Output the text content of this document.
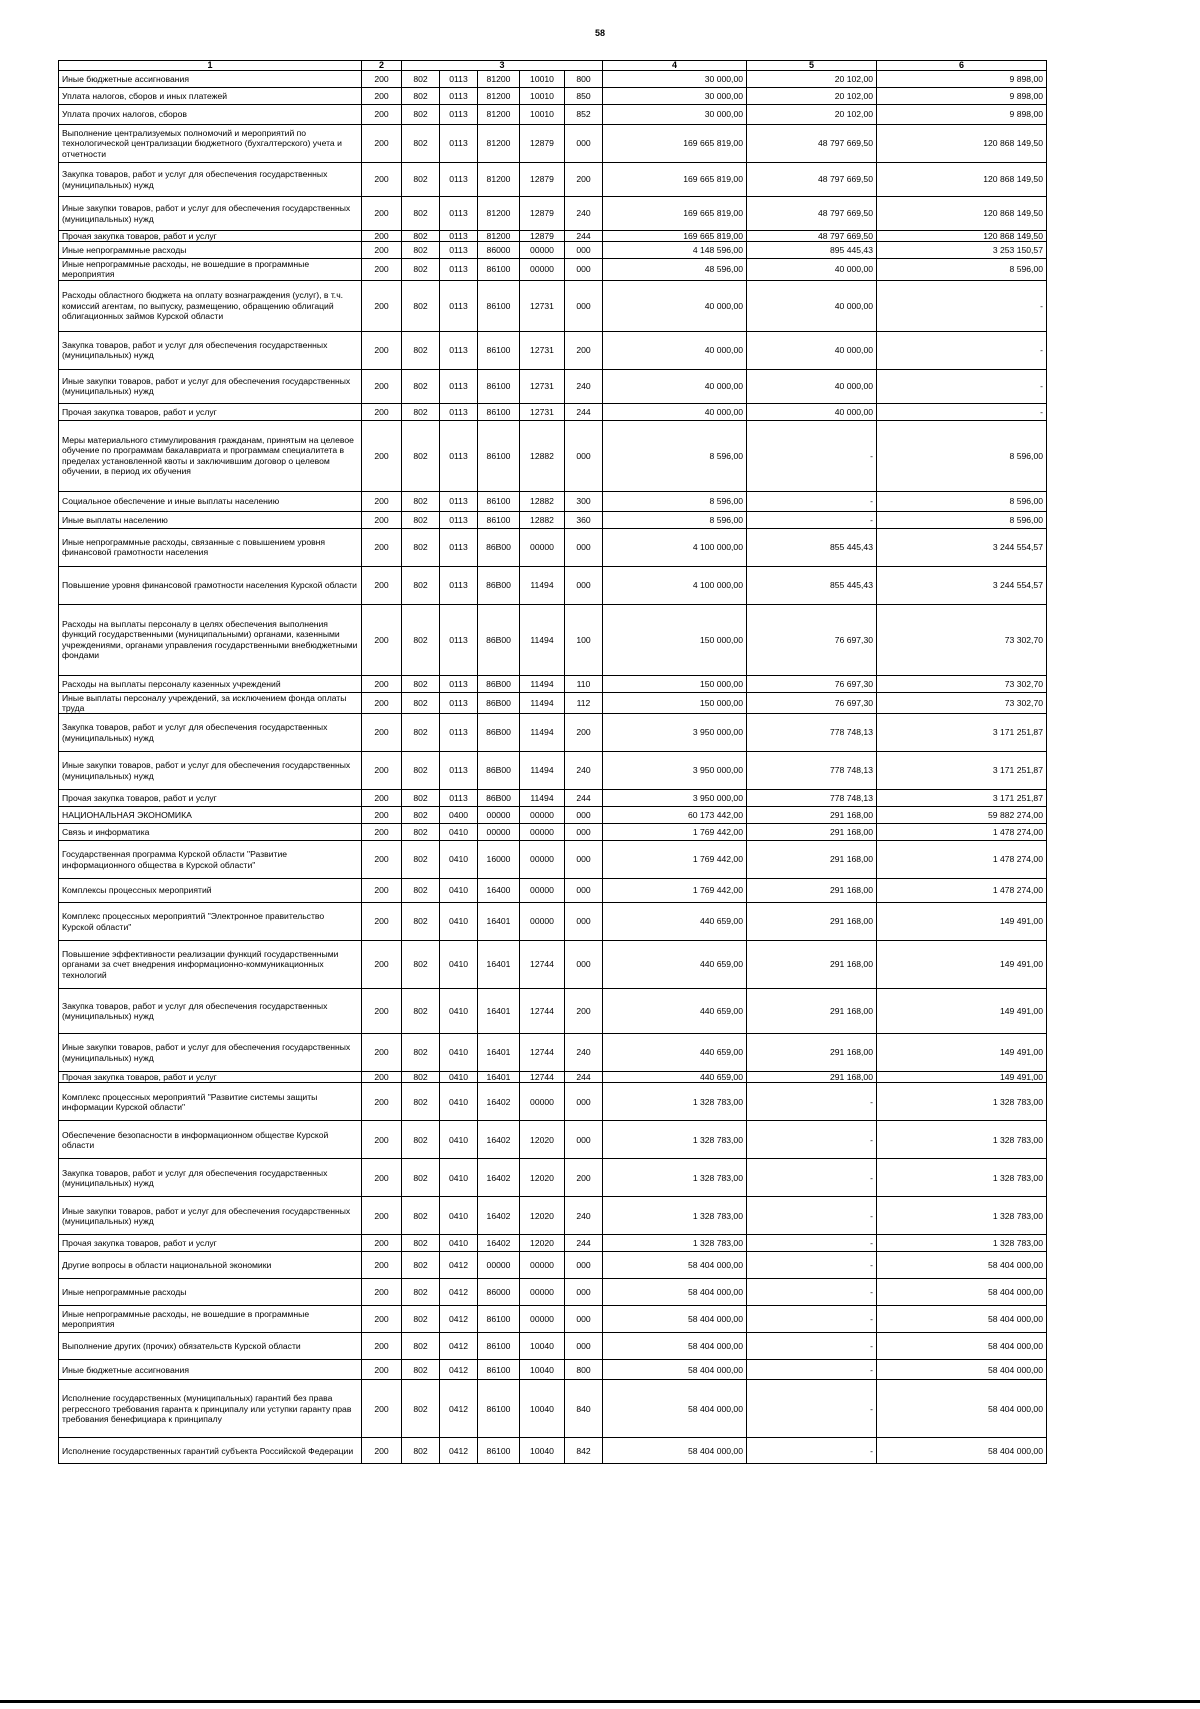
58
1	2	3					4	5	6
Иные бюджетные ассигнования	200	802	0113	81200	10010	800	30 000,00	20 102,00	9 898,00
Уплата налогов, сборов и иных платежей	200	802	0113	81200	10010	850	30 000,00	20 102,00	9 898,00
Уплата прочих налогов, сборов	200	802	0113	81200	10010	852	30 000,00	20 102,00	9 898,00
Выполнение централизуемых полномочий и мероприятий по технологической централизации бюджетного (бухгалтерского) учета и отчетности	200	802	0113	81200	12879	000	169 665 819,00	48 797 669,50	120 868 149,50
Закупка товаров, работ и услуг для обеспечения государственных (муниципальных) нужд	200	802	0113	81200	12879	200	169 665 819,00	48 797 669,50	120 868 149,50
Иные закупки товаров, работ и услуг для обеспечения государственных (муниципальных) нужд	200	802	0113	81200	12879	240	169 665 819,00	48 797 669,50	120 868 149,50
Прочая закупка товаров, работ и услуг	200	802	0113	81200	12879	244	169 665 819,00	48 797 669,50	120 868 149,50
Иные непрограммные расходы	200	802	0113	86000	00000	000	4 148 596,00	895 445,43	3 253 150,57
Иные непрограммные расходы, не вошедшие в программные мероприятия	200	802	0113	86100	00000	000	48 596,00	40 000,00	8 596,00
Расходы областного бюджета на оплату вознаграждения (услуг), в т.ч. комиссий агентам, по выпуску, размещению, обращению облигаций облигационных займов Курской области	200	802	0113	86100	12731	000	40 000,00	40 000,00	-
Закупка товаров, работ и услуг для обеспечения государственных (муниципальных) нужд	200	802	0113	86100	12731	200	40 000,00	40 000,00	-
Иные закупки товаров, работ и услуг для обеспечения государственных (муниципальных) нужд	200	802	0113	86100	12731	240	40 000,00	40 000,00	-
Прочая закупка товаров, работ и услуг	200	802	0113	86100	12731	244	40 000,00	40 000,00	-
Меры материального стимулирования гражданам, принятым на целевое обучение по программам бакалавриата и программам специалитета в пределах установленной квоты и заключившим договор о целевом обучении, в период их обучения	200	802	0113	86100	12882	000	8 596,00	-	8 596,00
Социальное обеспечение и иные выплаты населению	200	802	0113	86100	12882	300	8 596,00	-	8 596,00
Иные выплаты населению	200	802	0113	86100	12882	360	8 596,00	-	8 596,00
Иные непрограммные расходы, связанные с повышением уровня финансовой грамотности населения	200	802	0113	86B00	00000	000	4 100 000,00	855 445,43	3 244 554,57
Повышение уровня финансовой грамотности населения Курской области	200	802	0113	86B00	11494	000	4 100 000,00	855 445,43	3 244 554,57
Расходы на выплаты персоналу в целях обеспечения выполнения функций государственными (муниципальными) органами, казенными учреждениями, органами управления государственными внебюджетными фондами	200	802	0113	86B00	11494	100	150 000,00	76 697,30	73 302,70
Расходы на выплаты персоналу казенных учреждений	200	802	0113	86B00	11494	110	150 000,00	76 697,30	73 302,70
Иные выплаты персоналу учреждений, за исключением фонда оплаты труда	200	802	0113	86B00	11494	112	150 000,00	76 697,30	73 302,70
Закупка товаров, работ и услуг для обеспечения государственных (муниципальных) нужд	200	802	0113	86B00	11494	200	3 950 000,00	778 748,13	3 171 251,87
Иные закупки товаров, работ и услуг для обеспечения государственных (муниципальных) нужд	200	802	0113	86B00	11494	240	3 950 000,00	778 748,13	3 171 251,87
Прочая закупка товаров, работ и услуг	200	802	0113	86B00	11494	244	3 950 000,00	778 748,13	3 171 251,87
НАЦИОНАЛЬНАЯ ЭКОНОМИКА	200	802	0400	00000	00000	000	60 173 442,00	291 168,00	59 882 274,00
Связь и информатика	200	802	0410	00000	00000	000	1 769 442,00	291 168,00	1 478 274,00
Государственная программа Курской области "Развитие информационного общества в Курской области"	200	802	0410	16000	00000	000	1 769 442,00	291 168,00	1 478 274,00
Комплексы процессных мероприятий	200	802	0410	16400	00000	000	1 769 442,00	291 168,00	1 478 274,00
Комплекс процессных мероприятий "Электронное правительство Курской области"	200	802	0410	16401	00000	000	440 659,00	291 168,00	149 491,00
Повышение эффективности реализации функций государственными органами за счет внедрения информационно-коммуникационных технологий	200	802	0410	16401	12744	000	440 659,00	291 168,00	149 491,00
Закупка товаров, работ и услуг для обеспечения государственных (муниципальных) нужд	200	802	0410	16401	12744	200	440 659,00	291 168,00	149 491,00
Иные закупки товаров, работ и услуг для обеспечения государственных (муниципальных) нужд	200	802	0410	16401	12744	240	440 659,00	291 168,00	149 491,00
Прочая закупка товаров, работ и услуг	200	802	0410	16401	12744	244	440 659,00	291 168,00	149 491,00
Комплекс процессных мероприятий "Развитие системы защиты информации Курской области"	200	802	0410	16402	00000	000	1 328 783,00	-	1 328 783,00
Обеспечение безопасности в информационном обществе Курской области	200	802	0410	16402	12020	000	1 328 783,00	-	1 328 783,00
Закупка товаров, работ и услуг для обеспечения государственных (муниципальных) нужд	200	802	0410	16402	12020	200	1 328 783,00	-	1 328 783,00
Иные закупки товаров, работ и услуг для обеспечения государственных (муниципальных) нужд	200	802	0410	16402	12020	240	1 328 783,00	-	1 328 783,00
Прочая закупка товаров, работ и услуг	200	802	0410	16402	12020	244	1 328 783,00	-	1 328 783,00
Другие вопросы в области национальной экономики	200	802	0412	00000	00000	000	58 404 000,00	-	58 404 000,00
Иные непрограммные расходы	200	802	0412	86000	00000	000	58 404 000,00	-	58 404 000,00
Иные непрограммные расходы, не вошедшие в программные мероприятия	200	802	0412	86100	00000	000	58 404 000,00	-	58 404 000,00
Выполнение других (прочих) обязательств Курской области	200	802	0412	86100	10040	000	58 404 000,00	-	58 404 000,00
Иные бюджетные ассигнования	200	802	0412	86100	10040	800	58 404 000,00	-	58 404 000,00
Исполнение государственных (муниципальных) гарантий без права регрессного требования гаранта к принципалу или уступки гаранту прав требования бенефициара к принципалу	200	802	0412	86100	10040	840	58 404 000,00	-	58 404 000,00
Исполнение государственных гарантий субъекта Российской Федерации	200	802	0412	86100	10040	842	58 404 000,00	-	58 404 000,00
